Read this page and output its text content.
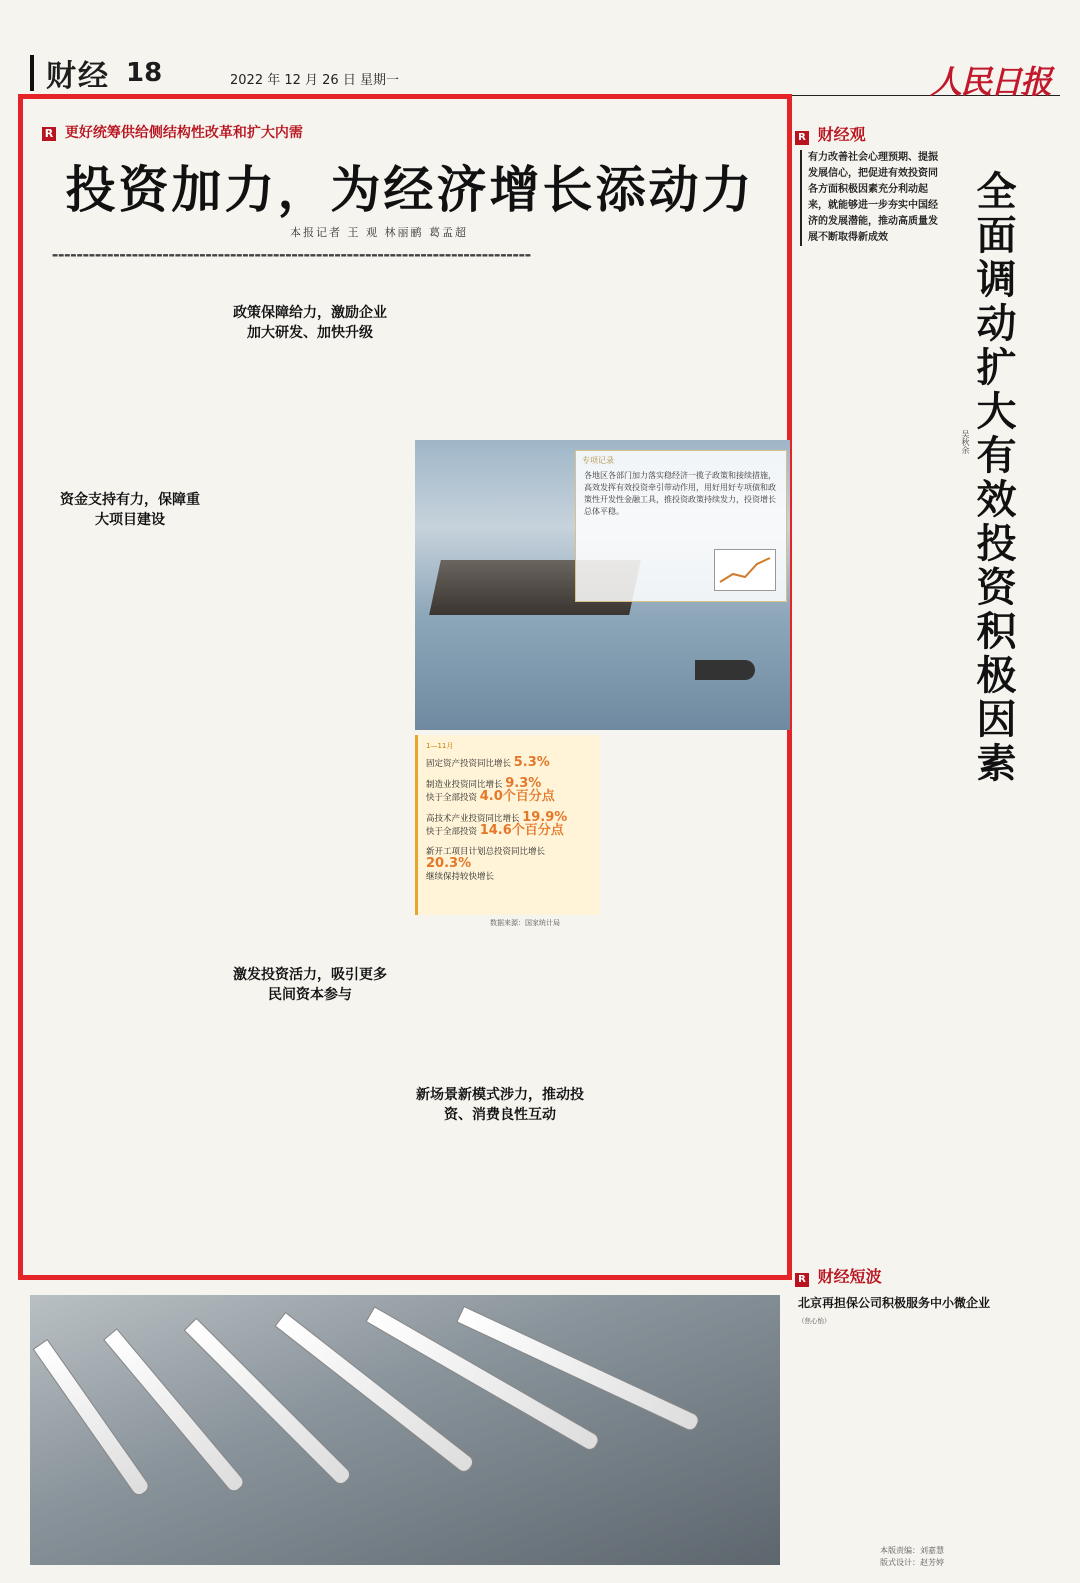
财经 18	2022 年 12 月 26 日 星期一	人民日报
R 更好统筹供给侧结构性改革和扩大内需
投资加力，为经济增长添动力
本报记者 王 观 林丽鹂 葛孟超

▬▬▬▬▬▬▬▬▬▬▬▬▬▬▬▬▬▬▬▬▬▬▬▬▬▬▬▬▬▬▬▬▬▬▬▬▬▬▬▬▬▬▬▬▬▬▬▬▬▬▬▬▬▬▬▬▬▬▬▬▬▬▬▬▬▬▬▬▬▬▬▬▬▬▬▬▬▬

资金支持有力，保障重大项目建设
政策保障给力，激励企业加大研发、加快升级
激发投资活力，吸引更多民间资本参与
新场景新模式涉力，推动投资、消费良性互动
专项记录
各地区各部门加力落实稳经济一揽子政策和接续措施，高效发挥有效投资牵引带动作用，用好用好专项债和政策性开发性金融工具，推投资政策持续发力，投资增长总体平稳。
1—11月
固定资产投资同比增长 5.3%
制造业投资同比增长 9.3%
快于全部投资 4.0个百分点
高技术产业投资同比增长 19.9%
快于全部投资 14.6个百分点
新开工项目计划总投资同比增长 20.3%
继续保持较快增长
数据来源：国家统计局
R 财经观
有力改善社会心理预期、提振发展信心，把促进有效投资同各方面积极因素充分利动起来，就能够进一步夯实中国经济的发展潜能，推动高质量发展不断取得新成效	全面调动扩大有效投资积极因素
吴秋余
R 财经短波
北京再担保公司积极服务中小微企业
（焦心怡）
本版责编：刘嘉慧
版式设计：赵芳婷
